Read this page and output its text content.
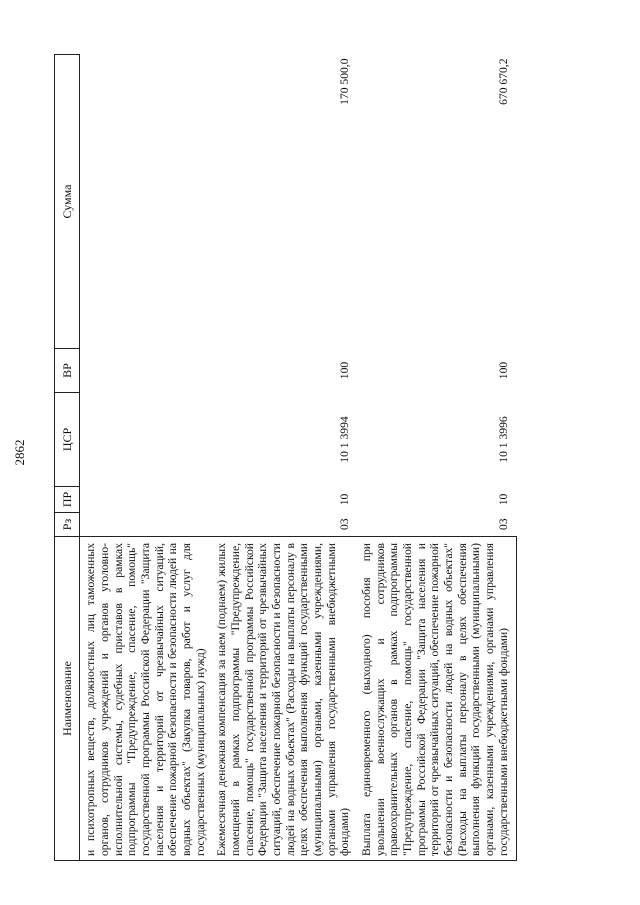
2862
Наименование	Рз	ПР	ЦСР	ВР	Сумма
и психотропных веществ, должностных лиц таможенных органов, сотрудников учреждений и органов уголовно-исполнительной системы, судебных приставов в рамках подпрограммы "Предупреждение, спасение, помощь" государственной программы Российской Федерации "Защита населения и территорий от чрезвычайных ситуаций, обеспечение пожарной безопасности и безопасности людей на водных объектах" (Закупка товаров, работ и услуг для государственных (муниципальных) нужд)					
Ежемесячная денежная компенсация за наем (поднаем) жилых помещений в рамках подпрограммы "Предупреждение, спасение, помощь" государственной программы Российской Федерации "Защита населения и территорий от чрезвычайных ситуаций, обеспечение пожарной безопасности и безопасности людей на водных объектах" (Расходы на выплаты персоналу в целях обеспечения выполнения функций государственными (муниципальными) органами, казенными учреждениями, органами управления государственными внебюджетными фондами)	03	10	10 1 3994	100	170 500,0
Выплата единовременного (выходного) пособия при увольнении военнослужащих и сотрудников правоохранительных органов в рамках подпрограммы "Предупреждение, спасение, помощь" государственной программы Российской Федерации "Защита населения и территорий от чрезвычайных ситуаций, обеспечение пожарной безопасности и безопасности людей на водных объектах" (Расходы на выплаты персоналу в целях обеспечения выполнения функций государственными (муниципальными) органами, казенными учреждениями, органами управления государственными внебюджетными фондами)	03	10	10 1 3996	100	670 670,2
